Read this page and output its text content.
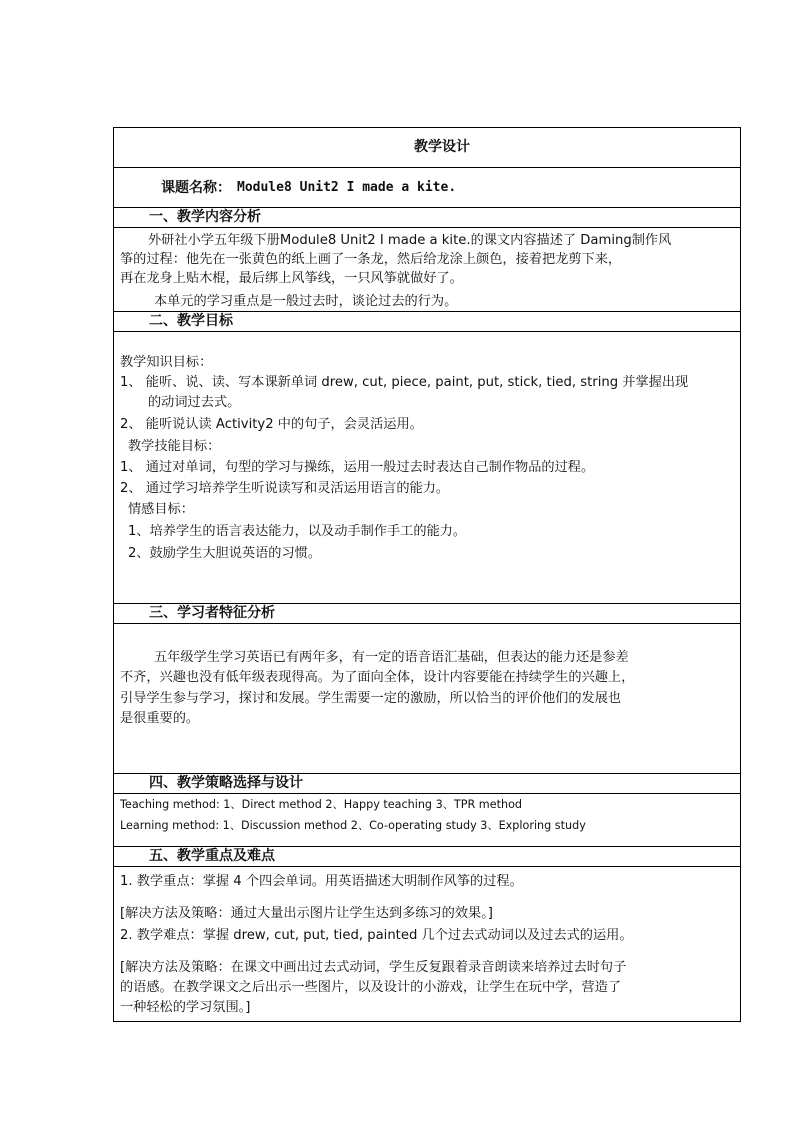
教学设计
课题名称： Module8 Unit2 I made a kite.
一、教学内容分析
外研社小学五年级下册Module8 Unit2 I made a kite.的课文内容描述了 Daming制作风
筝的过程：他先在一张黄色的纸上画了一条龙，然后给龙涂上颜色，接着把龙剪下来，
再在龙身上贴木棍，最后绑上风筝线，一只风筝就做好了。
本单元的学习重点是一般过去时，谈论过去的行为。
二、教学目标
教学知识目标：
1、 能听、说、读、写本课新单词 drew, cut, piece, paint, put, stick, tied, string 并掌握出现
的动词过去式。
2、 能听说认读 Activity2 中的句子，会灵活运用。
教学技能目标：
1、 通过对单词，句型的学习与操练，运用一般过去时表达自己制作物品的过程。
2、 通过学习培养学生听说读写和灵活运用语言的能力。
情感目标：
1、培养学生的语言表达能力，以及动手制作手工的能力。
2、鼓励学生大胆说英语的习惯。
三、学习者特征分析
五年级学生学习英语已有两年多，有一定的语音语汇基础，但表达的能力还是参差
不齐，兴趣也没有低年级表现得高。为了面向全体，设计内容要能在持续学生的兴趣上，
引导学生参与学习，探讨和发展。学生需要一定的激励，所以恰当的评价他们的发展也
是很重要的。
四、教学策略选择与设计
Teaching method: 1、Direct method 2、Happy teaching 3、TPR method
Learning method: 1、Discussion method 2、Co-operating study 3、Exploring study
五、教学重点及难点
1. 教学重点：掌握 4 个四会单词。用英语描述大明制作风筝的过程。
[解决方法及策略：通过大量出示图片让学生达到多练习的效果。]
2. 教学难点：掌握 drew, cut, put, tied, painted 几个过去式动词以及过去式的运用。
[解决方法及策略：在课文中画出过去式动词，学生反复跟着录音朗读来培养过去时句子
的语感。在教学课文之后出示一些图片，以及设计的小游戏，让学生在玩中学，营造了
一种轻松的学习氛围。]
